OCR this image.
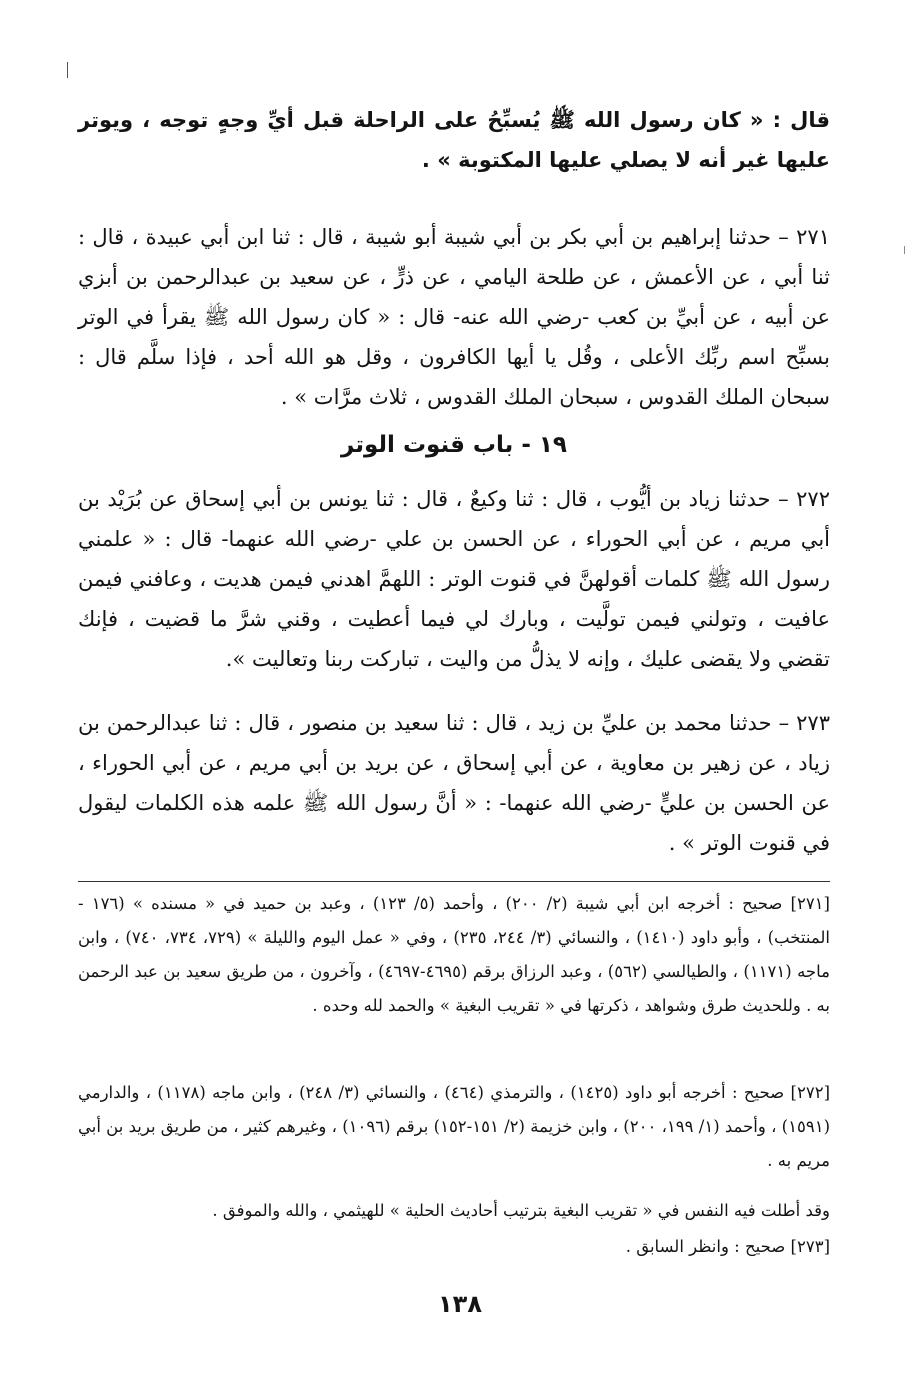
قال : « كان رسول الله ﷺ يُسبِّحُ على الراحلة قبل أيِّ وجهٍ توجه ، ويوتر عليها غير أنه لا يصلي عليها المكتوبة » .

٢٧١ – حدثنا إبراهيم بن أبي بكر بن أبي شيبة أبو شيبة ، قال : ثنا ابن أبي عبيدة ، قال : ثنا أبي ، عن الأعمش ، عن طلحة اليامي ، عن ذرٍّ ، عن سعيد بن عبدالرحمن بن أبزي عن أبيه ، عن أبيِّ بن كعب -رضي الله عنه- قال : « كان رسول الله ﷺ يقرأ في الوتر بسبِّح اسم ربِّك الأعلى ، وقُل يا أيها الكافرون ، وقل هو الله أحد ، فإذا سلَّم قال : سبحان الملك القدوس ، سبحان الملك القدوس ، ثلاث مرَّات » .

١٩ - باب قنوت الوتر

٢٧٢ – حدثنا زياد بن أيُّوب ، قال : ثنا وكيعٌ ، قال : ثنا يونس بن أبي إسحاق عن بُرَيْد بن أبي مريم ، عن أبي الحوراء ، عن الحسن بن علي -رضي الله عنهما- قال : « علمني رسول الله ﷺ كلمات أقولهنَّ في قنوت الوتر : اللهمَّ اهدني فيمن هديت ، وعافني فيمن عافيت ، وتولني فيمن تولَّيت ، وبارك لي فيما أعطيت ، وقني شرَّ ما قضيت ، فإنك تقضي ولا يقضى عليك ، وإنه لا يذلُّ من واليت ، تباركت ربنا وتعاليت ».

٢٧٣ – حدثنا محمد بن عليِّ بن زيد ، قال : ثنا سعيد بن منصور ، قال : ثنا عبدالرحمن بن زياد ، عن زهير بن معاوية ، عن أبي إسحاق ، عن بريد بن أبي مريم ، عن أبي الحوراء ، عن الحسن بن عليٍّ -رضي الله عنهما- : « أنَّ رسول الله ﷺ علمه هذه الكلمات ليقول في قنوت الوتر » .

[٢٧١] صحيح : أخرجه ابن أبي شيبة (٢/ ٢٠٠) ، وأحمد (٥/ ١٢٣) ، وعبد بن حميد في « مسنده » (١٧٦ - المنتخب) ، وأبو داود (١٤١٠) ، والنسائي (٣/ ٢٤٤، ٢٣٥) ، وفي « عمل اليوم والليلة » (٧٢٩، ٧٣٤، ٧٤٠) ، وابن ماجه (١١٧١) ، والطيالسي (٥٦٢) ، وعبد الرزاق برقم (٤٦٩٥-٤٦٩٧) ، وآخرون ، من طريق سعيد بن عبد الرحمن به . وللحديث طرق وشواهد ، ذكرتها في « تقريب البغية » والحمد لله وحده .

[٢٧٢] صحيح : أخرجه أبو داود (١٤٢٥) ، والترمذي (٤٦٤) ، والنسائي (٣/ ٢٤٨) ، وابن ماجه (١١٧٨) ، والدارمي (١٥٩١) ، وأحمد (١/ ١٩٩، ٢٠٠) ، وابن خزيمة (٢/ ١٥١-١٥٢) برقم (١٠٩٦) ، وغيرهم كثير ، من طريق بريد بن أبي مريم به .

وقد أطلت فيه النفس في « تقريب البغية بترتيب أحاديث الحلية » للهيثمي ، والله والموفق .

[٢٧٣] صحيح : وانظر السابق .

١٣٨
